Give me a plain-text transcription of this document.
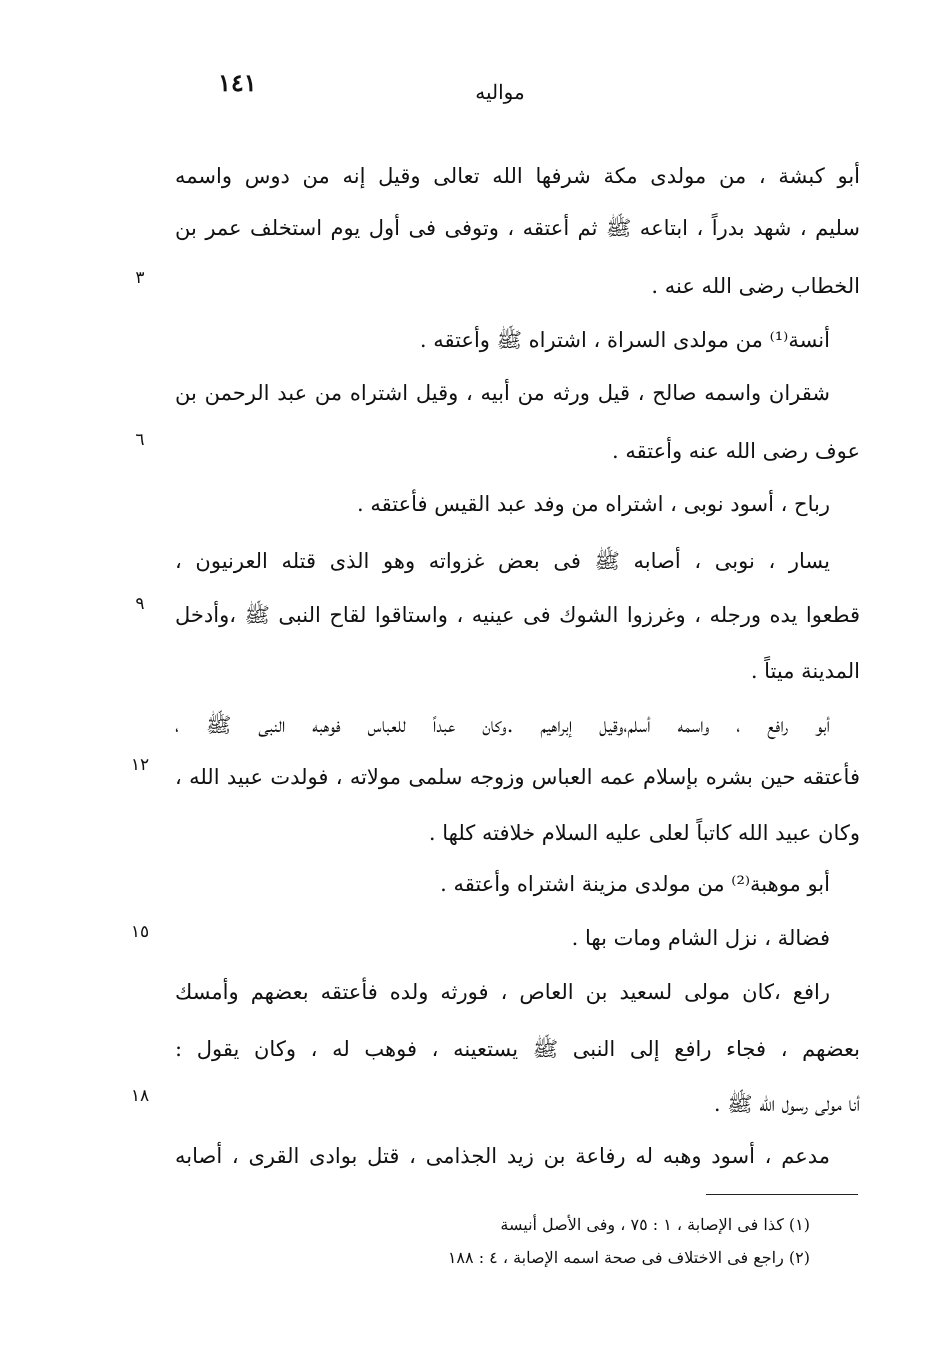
١٤١	مواليه
أبو كبشة ، من مولدى مكة شرفها الله تعالى وقيل إنه من دوس واسمه
سليم ، شهد بدراً ، ابتاعه ﷺ ثم أعتقه ، وتوفى فى أول يوم استخلف عمر بن
الخطاب رضى الله عنه .
أنسة⁽¹⁾ من مولدى السراة ، اشتراه ﷺ وأعتقه .
شقران واسمه صالح ، قيل ورثه من أبيه ، وقيل اشتراه من عبد الرحمن بن
عوف رضى الله عنه وأعتقه .
رباح ، أسود نوبى ، اشتراه من وفد عبد القيس فأعتقه .
يسار ، نوبى ، أصابه ﷺ فى بعض غزواته وهو الذى قتله العرنيون ،
قطعوا يده ورجله ، وغرزوا الشوك فى عينيه ، واستاقوا لقاح النبى ﷺ ،وأدخل
المدينة ميتاً .
أبو رافع ، واسمه أسلم،وقيل إبراهيم .وكان عبداً للعباس فوهبه النبى ﷺ ،
فأعتقه حين بشره بإسلام عمه العباس وزوجه سلمى مولاته ، فولدت عبيد الله ،
وكان عبيد الله كاتباً لعلى عليه السلام خلافته كلها .
أبو موهبة⁽²⁾ من مولدى مزينة اشتراه وأعتقه .
فضالة ، نزل الشام ومات بها .
رافع ،كان مولى لسعيد بن العاص ، فورثه ولده فأعتقه بعضهم وأمسك
بعضهم ، فجاء رافع إلى النبى ﷺ يستعينه ، فوهب له ، وكان يقول :
أنا مولى رسول الله ﷺ .
مدعم ، أسود وهبه له رفاعة بن زيد الجذامى ، قتل بوادى القرى ، أصابه
٣
٦
٩
١٢
١٥
١٨
(١) كذا فى الإصابة ، ١ : ٧٥ ، وفى الأصل أنيسة
(٢) راجع فى الاختلاف فى صحة اسمه الإصابة ، ٤ : ١٨٨
